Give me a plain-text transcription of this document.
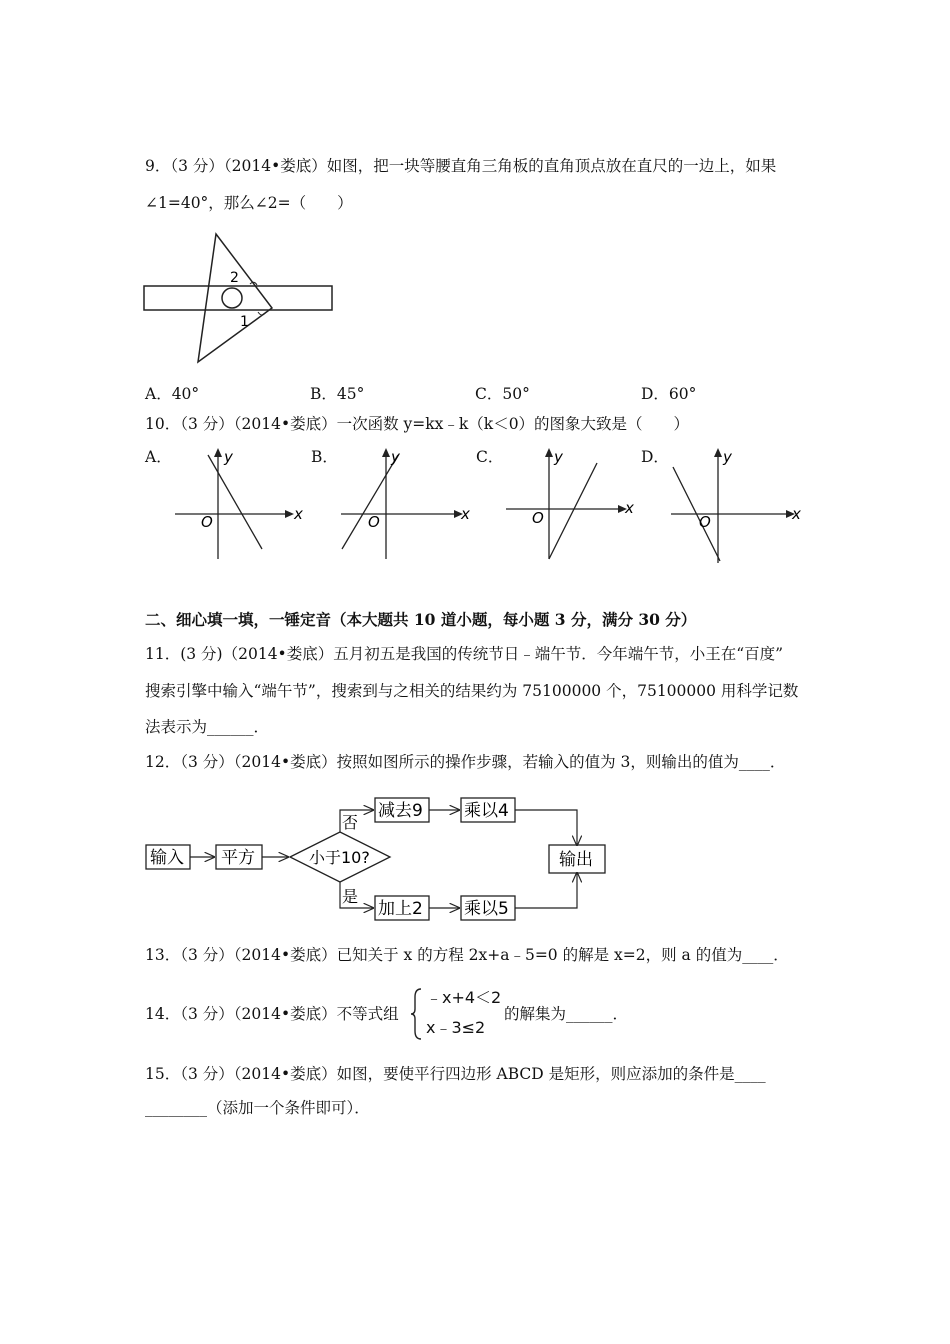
9．（3 分）（2014•娄底）如图，把一块等腰直角三角板的直角顶点放在直尺的一边上，如果
∠1=40°，那么∠2=（　　）
2
1
A．40°	B．45°	C．50°	D．60°
10．（3 分）（2014•娄底）一次函数 y=kx﹣k（k＜0）的图象大致是（　　）
A．	B．	C．	D．
x
y
O	x
y
O
x
y
O	x
y
O
二、细心填一填，一锤定音（本大题共 10 道小题，每小题 3 分，满分 30 分）
11．(3 分)（2014•娄底）五月初五是我国的传统节日﹣端午节．今年端午节，小王在“百度”
搜索引擎中输入“端午节”，搜索到与之相关的结果约为 75100000 个，75100000 用科学记数
法表示为______．
12．（3 分）（2014•娄底）按照如图所示的操作步骤，若输入的值为 3，则输出的值为____．
输入 平方	小于10?
否
减去9 乘以4
是
加上2 乘以5
输出
13．（3 分）（2014•娄底）已知关于 x 的方程 2x+a﹣5=0 的解是 x=2，则 a 的值为____．
14．（3 分）（2014•娄底）不等式组
﹣x+4＜2
x﹣3≤2
的解集为______．
15．（3 分）（2014•娄底）如图，要使平行四边形 ABCD 是矩形，则应添加的条件是____
________（添加一个条件即可）．
